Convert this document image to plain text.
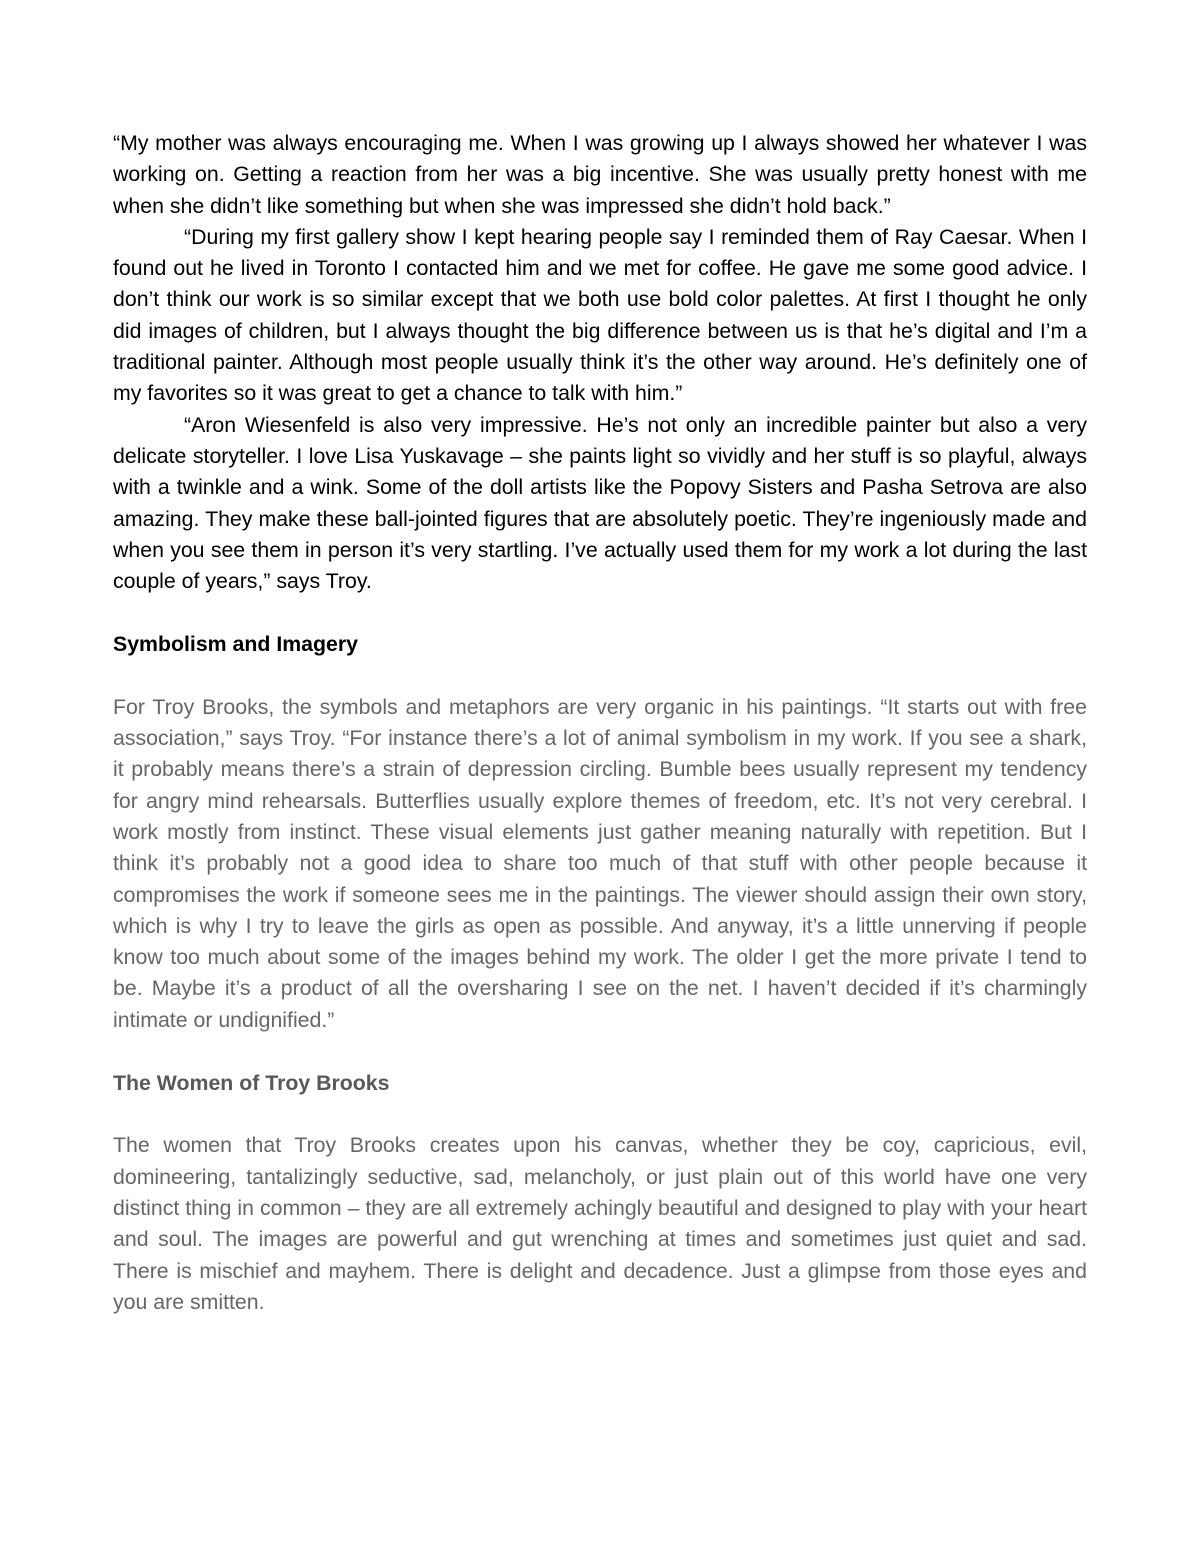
“My mother was always encouraging me. When I was growing up I always showed her whatever I was working on. Getting a reaction from her was a big incentive. She was usually pretty honest with me when she didn’t like something but when she was impressed she didn’t hold back.”

“During my first gallery show I kept hearing people say I reminded them of Ray Caesar. When I found out he lived in Toronto I contacted him and we met for coffee. He gave me some good advice. I don’t think our work is so similar except that we both use bold color palettes. At first I thought he only did images of children, but I always thought the big difference between us is that he’s digital and I’m a traditional painter. Although most people usually think it’s the other way around. He’s definitely one of my favorites so it was great to get a chance to talk with him.”

“Aron Wiesenfeld is also very impressive. He’s not only an incredible painter but also a very delicate storyteller. I love Lisa Yuskavage – she paints light so vividly and her stuff is so playful, always with a twinkle and a wink. Some of the doll artists like the Popovy Sisters and Pasha Setrova are also amazing. They make these ball-jointed figures that are absolutely poetic. They’re ingeniously made and when you see them in person it’s very startling. I’ve actually used them for my work a lot during the last couple of years,” says Troy.

Symbolism and Imagery

For Troy Brooks, the symbols and metaphors are very organic in his paintings. “It starts out with free association,” says Troy. “For instance there’s a lot of animal symbolism in my work. If you see a shark, it probably means there’s a strain of depression circling. Bumble bees usually represent my tendency for angry mind rehearsals. Butterflies usually explore themes of freedom, etc. It’s not very cerebral. I work mostly from instinct. These visual elements just gather meaning naturally with repetition. But I think it’s probably not a good idea to share too much of that stuff with other people because it compromises the work if someone sees me in the paintings. The viewer should assign their own story, which is why I try to leave the girls as open as possible. And anyway, it’s a little unnerving if people know too much about some of the images behind my work. The older I get the more private I tend to be. Maybe it’s a product of all the oversharing I see on the net. I haven’t decided if it’s charmingly intimate or undignified.”

The Women of Troy Brooks

The women that Troy Brooks creates upon his canvas, whether they be coy, capricious, evil, domineering, tantalizingly seductive, sad, melancholy, or just plain out of this world have one very distinct thing in common – they are all extremely achingly beautiful and designed to play with your heart and soul. The images are powerful and gut wrenching at times and sometimes just quiet and sad. There is mischief and mayhem. There is delight and decadence. Just a glimpse from those eyes and you are smitten.
